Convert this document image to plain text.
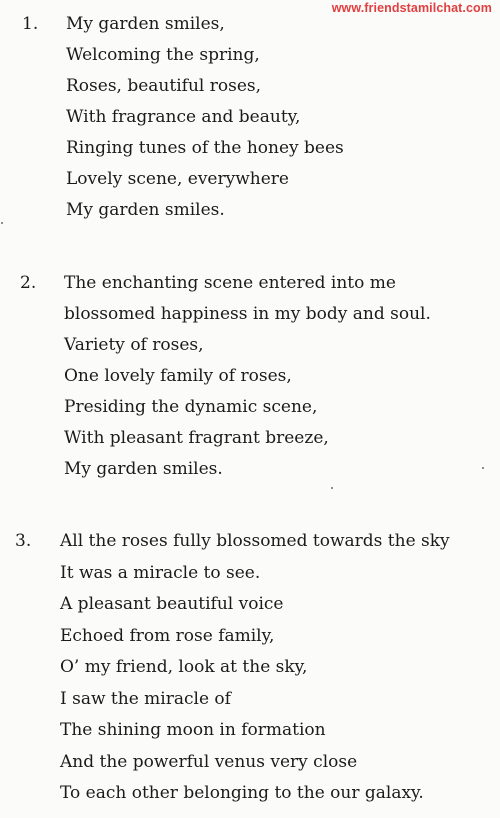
www.friendstamilchat.com
1. My garden smiles,
Welcoming the spring,
Roses, beautiful roses,
With fragrance and beauty,
Ringing tunes of the honey bees
Lovely scene, everywhere
My garden smiles.
2. The enchanting scene entered into me
blossomed happiness in my body and soul.
Variety of roses,
One lovely family of roses,
Presiding the dynamic scene,
With pleasant fragrant breeze,
My garden smiles.
3. All the roses fully blossomed towards the sky
It was a miracle to see.
A pleasant beautiful voice
Echoed from rose family,
O’ my friend, look at the sky,
I saw the miracle of
The shining moon in formation
And the powerful venus very close
To each other belonging to the our galaxy.
